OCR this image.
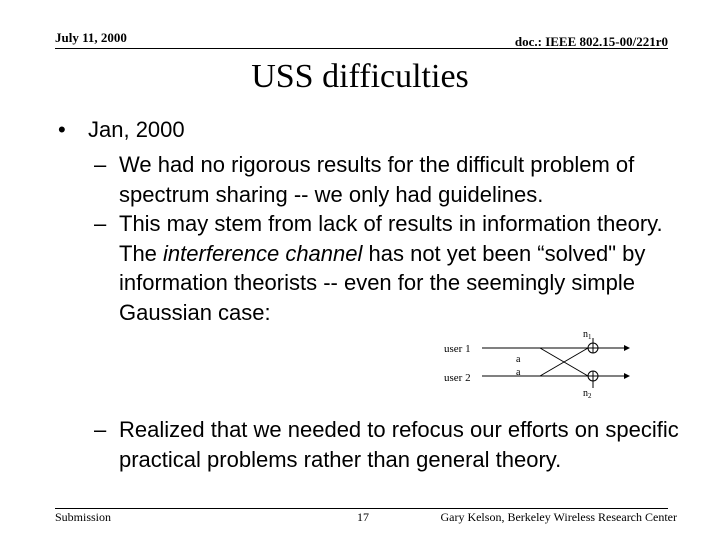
July 11, 2000	doc.: IEEE 802.15-00/221r0
USS difficulties
• Jan, 2000
– We had no rigorous results for the difficult problem of spectrum sharing -- we only had guidelines.
– This may stem from lack of results in information theory. The interference channel has not yet been “solved" by information theorists -- even for the seemingly simple Gaussian case:
user 1
user 2
a
a
$n_1$
$n_2$
– Realized that we needed to refocus our efforts on specific practical problems rather than general theory.
Submission	17	Gary Kelson, Berkeley Wireless Research Center
